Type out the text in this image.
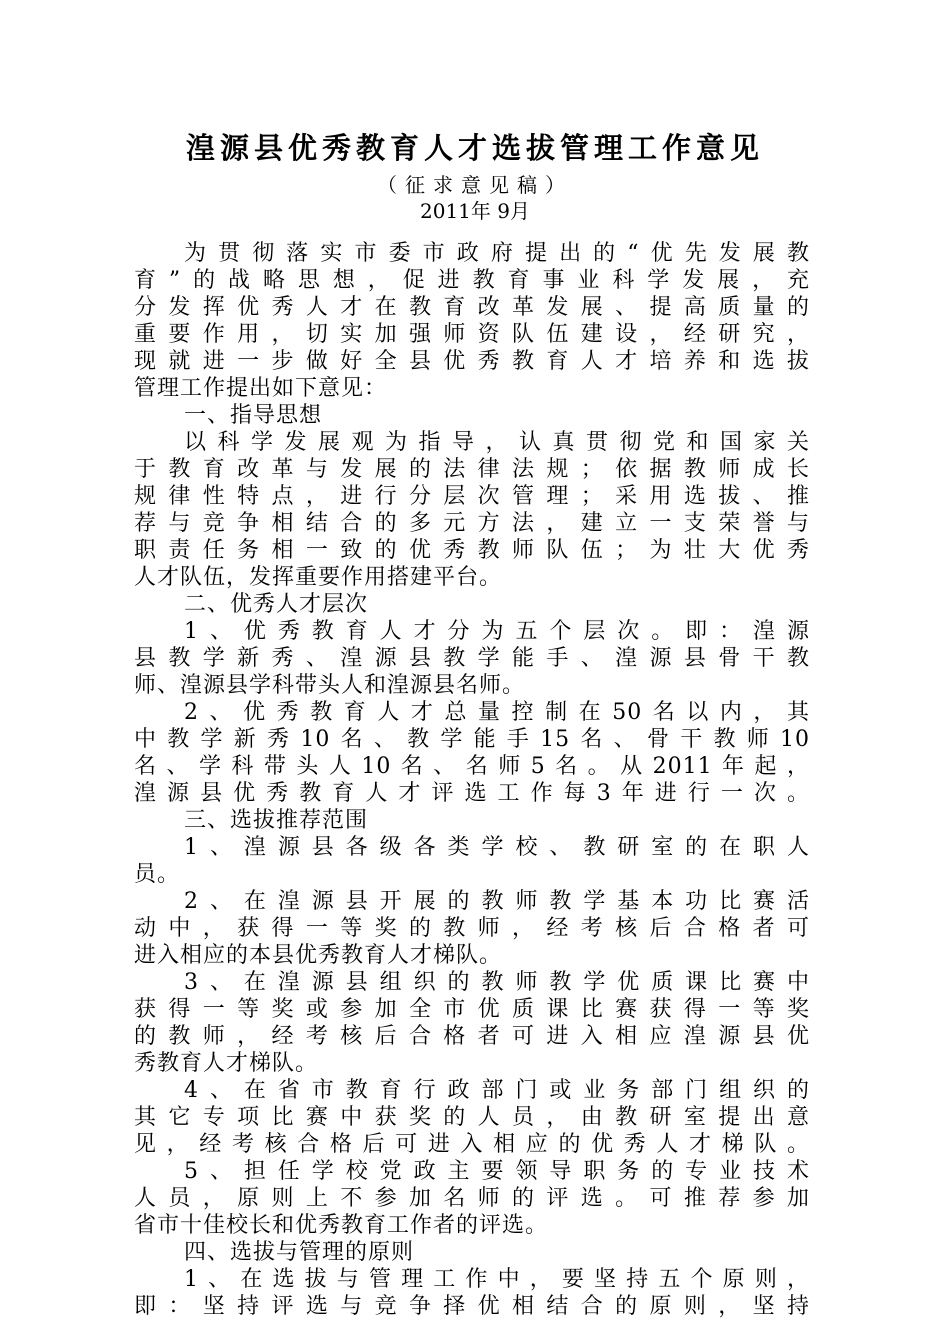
湟源县优秀教育人才选拔管理工作意见
（征求意见稿）
2011年 9月
为贯彻落实市委市政府提出的“优先发展教
育”的战略思想，促进教育事业科学发展，充
分发挥优秀人才在教育改革发展、提高质量的
重要作用，切实加强师资队伍建设，经研究，
现就进一步做好全县优秀教育人才培养和选拔
管理工作提出如下意见：
一、指导思想
以科学发展观为指导，认真贯彻党和国家关
于教育改革与发展的法律法规；依据教师成长
规律性特点，进行分层次管理；采用选拔、推
荐与竞争相结合的多元方法，建立一支荣誉与
职责任务相一致的优秀教师队伍；为壮大优秀
人才队伍，发挥重要作用搭建平台。
二、优秀人才层次
1、优秀教育人才分为五个层次。即：湟源
县教学新秀、湟源县教学能手、湟源县骨干教
师、湟源县学科带头人和湟源县名师。
2、优秀教育人才总量控制在50名以内，其
中教学新秀10名、教学能手15名、骨干教师10
名、学科带头人10名、名师5名。从2011年起，
湟源县优秀教育人才评选工作每3年进行一次。
三、选拔推荐范围
1、湟源县各级各类学校、教研室的在职人
员。
2、在湟源县开展的教师教学基本功比赛活
动中，获得一等奖的教师，经考核后合格者可
进入相应的本县优秀教育人才梯队。
3、在湟源县组织的教师教学优质课比赛中
获得一等奖或参加全市优质课比赛获得一等奖
的教师，经考核后合格者可进入相应湟源县优
秀教育人才梯队。
4、在省市教育行政部门或业务部门组织的
其它专项比赛中获奖的人员，由教研室提出意
见，经考核合格后可进入相应的优秀人才梯队。
5、担任学校党政主要领导职务的专业技术
人员，原则上不参加名师的评选。可推荐参加
省市十佳校长和优秀教育工作者的评选。
四、选拔与管理的原则
1、在选拔与管理工作中，要坚持五个原则，
即：坚持评选与竞争择优相结合的原则，坚持
